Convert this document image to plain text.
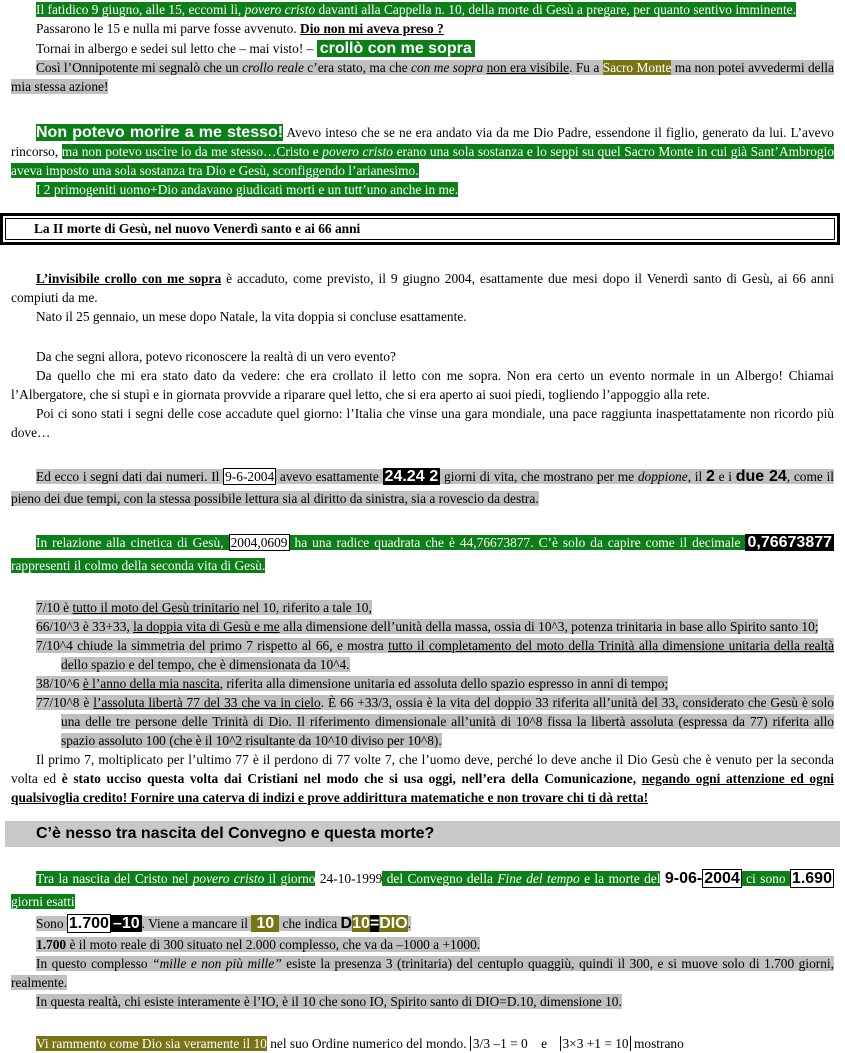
Il fatidico 9 giugno, alle 15, eccomi lì, povero cristo davanti alla Cappella n. 10, della morte di Gesù a pregare, per quanto sentivo imminente.

Passarono le 15 e nulla mi parve fosse avvenuto. Dio non mi aveva preso ?

Tornai in albergo e sedei sul letto che – mai visto! – crollò con me sopra

Così l’Onnipotente mi segnalò che un crollo reale c’era stato, ma che con me sopra non era visibile. Fu a Sacro Monte ma non potei avvedermi della mia stessa azione!

Non potevo morire a me stesso! Avevo inteso che se ne era andato via da me Dio Padre, essendone il figlio, generato da lui. L’avevo rincorso, ma non potevo uscire io da me stesso…Cristo e povero cristo erano una sola sostanza e lo seppi su quel Sacro Monte in cui già Sant’Ambrogio aveva imposto una sola sostanza tra Dio e Gesù, sconfiggendo l’arianesimo.

I 2 primogeniti uomo+Dio andavano giudicati morti e un tutt’uno anche in me.

La II morte di Gesù, nel nuovo Venerdì santo e ai 66 anni

L’invisibile crollo con me sopra è accaduto, come previsto, il 9 giugno 2004, esattamente due mesi dopo il Venerdì santo di Gesù, ai 66 anni compiuti da me.

Nato il 25 gennaio, un mese dopo Natale, la vita doppia si concluse esattamente.

Da che segni allora, potevo riconoscere la realtà di un vero evento?

Da quello che mi era stato dato da vedere: che era crollato il letto con me sopra. Non era certo un evento normale in un Albergo! Chiamai l’Albergatore, che si stupì e in giornata provvide a riparare quel letto, che si era aperto ai suoi piedi, togliendo l’appoggio alla rete.

Poi ci sono stati i segni delle cose accadute quel giorno: l’Italia che vinse una gara mondiale, una pace raggiunta inaspettatamente non ricordo più dove…

Ed ecco i segni dati dai numeri. Il 9-6-2004 avevo esattamente 24.24 2 giorni di vita, che mostrano per me doppione, il 2 e i due 24, come il pieno dei due tempi, con la stessa possibile lettura sia al diritto da sinistra, sia a rovescio da destra.

In relazione alla cinetica di Gesù, 2004,0609 ha una radice quadrata che è 44,76673877. C’è solo da capire come il decimale 0,76673877 rappresenti il colmo della seconda vita di Gesù.

7/10 è tutto il moto del Gesù trinitario nel 10, riferito a tale 10,

66/10^3 è 33+33, la doppia vita di Gesù e me alla dimensione dell’unità della massa, ossia di 10^3, potenza trinitaria in base allo Spirito santo 10;

7/10^4 chiude la simmetria del primo 7 rispetto al 66, e mostra tutto il completamento del moto della Trinità alla dimensione unitaria della realtà dello spazio e del tempo, che è dimensionata da 10^4.

38/10^6 è l’anno della mia nascita, riferita alla dimensione unitaria ed assoluta dello spazio espresso in anni di tempo;

77/10^8 è l’assoluta libertà 77 del 33 che va in cielo. È 66 +33/3, ossia è la vita del doppio 33 riferita all’unità del 33, considerato che Gesù è solo una delle tre persone delle Trinità di Dio. Il riferimento dimensionale all’unità di 10^8 fissa la libertà assoluta (espressa da 77) riferita allo spazio assoluto 100 (che è il 10^2 risultante da 10^10 diviso per 10^8).

Il primo 7, moltiplicato per l’ultimo 77 è il perdono di 77 volte 7, che l’uomo deve, perché lo deve anche il Dio Gesù che è venuto per la seconda volta ed è stato ucciso questa volta dai Cristiani nel modo che si usa oggi, nell’era della Comunicazione, negando ogni attenzione ed ogni qualsivoglia credito! Fornire una caterva di indizi e prove addirittura matematiche e non trovare chi ti dà retta!

C’è nesso tra nascita del Convegno e questa morte?

Tra la nascita del Cristo nel povero cristo il giorno 24-10-1999 del Convegno della Fine del tempo e la morte del 9-06- 2004 ci sono 1.690 giorni esatti

Sono 1.700 –10 . Viene a mancare il 10 che indica D10=DIO.

1.700 è il moto reale di 300 situato nel 2.000 complesso, che va da –1000 a +1000.

In questo complesso “mille e non più mille” esiste la presenza 3 (trinitaria) del centuplo quaggiù, quindi il 300, e si muove solo di 1.700 giorni, realmente.

In questa realtà, chi esiste interamente è l’IO, è il 10 che sono IO, Spirito santo di DIO=D.10, dimensione 10.

Vi rammento come Dio sia veramente il 10 nel suo Ordine numerico del mondo. 3/3 –1 = 0 e 3×3 +1 = 10 mostrano
